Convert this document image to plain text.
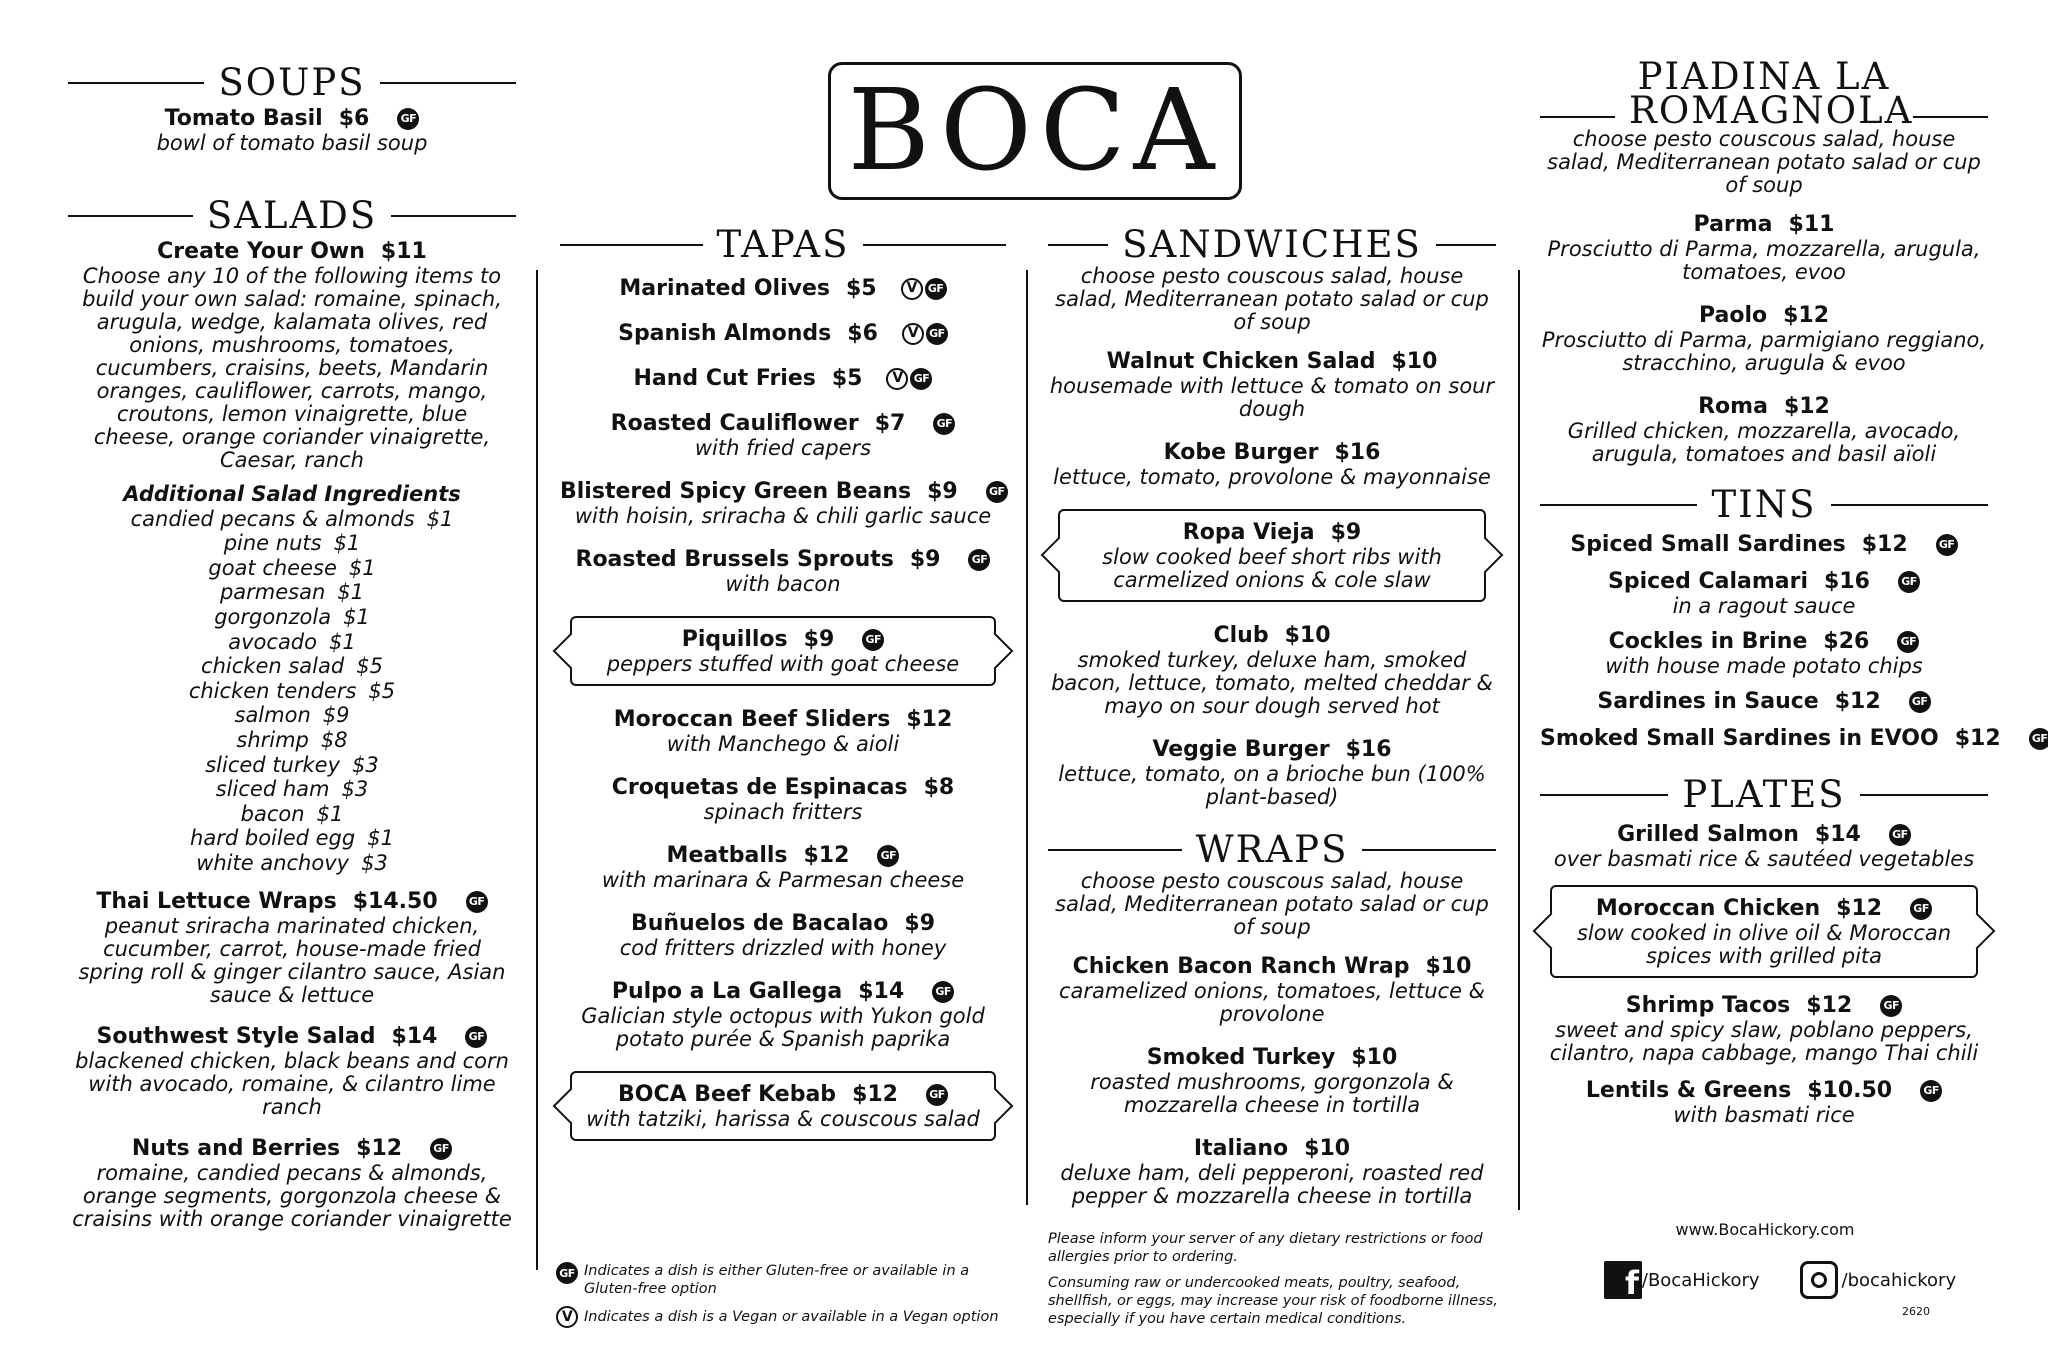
SOUPS
Tomato Basil $6	GF
bowl of tomato basil soup
SALADS
Create Your Own $11
Choose any 10 of the following items to build your own salad: romaine, spinach, arugula, wedge, kalamata olives, red onions, mushrooms, tomatoes, cucumbers, craisins, beets, Mandarin oranges, cauliflower, carrots, mango, croutons, lemon vinaigrette, blue cheese, orange coriander vinaigrette, Caesar, ranch
Additional Salad Ingredients
candied pecans & almonds $1
pine nuts $1
goat cheese $1
parmesan $1
gorgonzola $1
avocado $1
chicken salad $5
chicken tenders $5
salmon $9
shrimp $8
sliced turkey $3
sliced ham $3
bacon $1
hard boiled egg $1
white anchovy $3
Thai Lettuce Wraps $14.50	GF
peanut sriracha marinated chicken, cucumber, carrot, house-made fried spring roll & ginger cilantro sauce, Asian sauce & lettuce
Southwest Style Salad $14	GF
blackened chicken, black beans and corn with avocado, romaine, & cilantro lime ranch
Nuts and Berries $12	GF
romaine, candied pecans & almonds, orange segments, gorgonzola cheese & craisins with orange coriander vinaigrette
BOCA
TAPAS
Marinated Olives $5 V GF
Spanish Almonds $6 V GF
Hand Cut Fries $5 V GF
Roasted Cauliflower $7	GF
with fried capers
Blistered Spicy Green Beans $9	GF
with hoisin, sriracha & chili garlic sauce
Roasted Brussels Sprouts $9	GF
with bacon
Piquillos $9	GF
peppers stuffed with goat cheese
Moroccan Beef Sliders $12
with Manchego & aioli
Croquetas de Espinacas $8
spinach fritters
Meatballs $12	GF
with marinara & Parmesan cheese
Buñuelos de Bacalao $9
cod fritters drizzled with honey
Pulpo a La Gallega $14	GF
Galician style octopus with Yukon gold potato purée & Spanish paprika
BOCA Beef Kebab $12	GF
with tatziki, harissa & couscous salad
SANDWICHES
choose pesto couscous salad, house salad, Mediterranean potato salad or cup of soup
Walnut Chicken Salad $10
housemade with lettuce & tomato on sour dough
Kobe Burger $16
lettuce, tomato, provolone & mayonnaise
Ropa Vieja $9
slow cooked beef short ribs with carmelized onions & cole slaw
Club $10
smoked turkey, deluxe ham, smoked bacon, lettuce, tomato, melted cheddar & mayo on sour dough served hot
Veggie Burger $16
lettuce, tomato, on a brioche bun (100% plant-based)
WRAPS
choose pesto couscous salad, house salad, Mediterranean potato salad or cup of soup
Chicken Bacon Ranch Wrap $10
caramelized onions, tomatoes, lettuce & provolone
Smoked Turkey $10
roasted mushrooms, gorgonzola & mozzarella cheese in tortilla
Italiano $10
deluxe ham, deli pepperoni, roasted red pepper & mozzarella cheese in tortilla
PIADINA LA ROMAGNOLA
choose pesto couscous salad, house salad, Mediterranean potato salad or cup of soup
Parma $11
Prosciutto di Parma, mozzarella, arugula, tomatoes, evoo
Paolo $12
Prosciutto di Parma, parmigiano reggiano, stracchino, arugula & evoo
Roma $12
Grilled chicken, mozzarella, avocado, arugula, tomatoes and basil aïoli
TINS
Spiced Small Sardines $12	GF
Spiced Calamari $16	GF
in a ragout sauce
Cockles in Brine $26	GF
with house made potato chips
Sardines in Sauce $12	GF
Smoked Small Sardines in EVOO $12	GF
PLATES
Grilled Salmon $14	GF
over basmati rice & sautéed vegetables
Moroccan Chicken $12	GF
slow cooked in olive oil & Moroccan spices with grilled pita
Shrimp Tacos $12	GF
sweet and spicy slaw, poblano peppers, cilantro, napa cabbage, mango Thai chili
Lentils & Greens $10.50	GF
with basmati rice
GF Indicates a dish is either Gluten-free or available in a Gluten-free option
V Indicates a dish is a Vegan or available in a Vegan option
Please inform your server of any dietary restrictions or food allergies prior to ordering.
Consuming raw or undercooked meats, poultry, seafood, shellfish, or eggs, may increase your risk of foodborne illness, especially if you have certain medical conditions.
www.BocaHickory.com
f /BocaHickory	/bocahickory
2620
